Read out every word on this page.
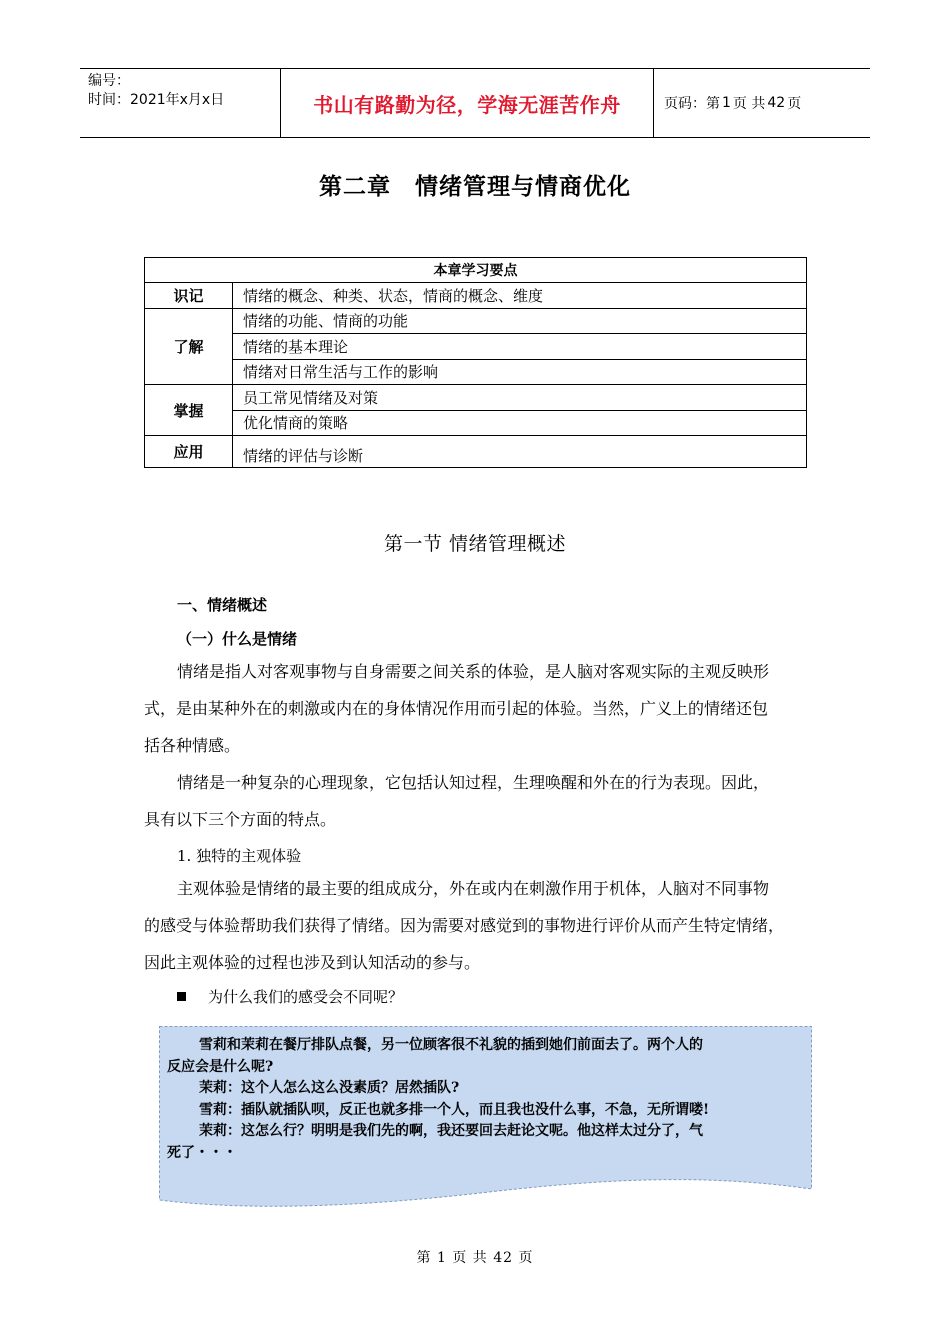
编号：
时间：2021年x月x日	书山有路勤为径，学海无涯苦作舟	页码：第 1 页 共 42 页
第二章　情绪管理与情商优化
本章学习要点	
识记	情绪的概念、种类、状态，情商的概念、维度
了解	情绪的功能、情商的功能
	情绪的基本理论
	情绪对日常生活与工作的影响
掌握	员工常见情绪及对策
	优化情商的策略
应用	情绪的评估与诊断
第一节 情绪管理概述
一、情绪概述
（一）什么是情绪
情绪是指人对客观事物与自身需要之间关系的体验，是人脑对客观实际的主观反映形
式，是由某种外在的刺激或内在的身体情况作用而引起的体验。当然，广义上的情绪还包
括各种情感。
情绪是一种复杂的心理现象，它包括认知过程，生理唤醒和外在的行为表现。因此，
具有以下三个方面的特点。
1. 独特的主观体验
主观体验是情绪的最主要的组成成分，外在或内在刺激作用于机体，人脑对不同事物
的感受与体验帮助我们获得了情绪。因为需要对感觉到的事物进行评价从而产生特定情绪，
因此主观体验的过程也涉及到认知活动的参与。
为什么我们的感受会不同呢？
雪莉和茉莉在餐厅排队点餐，另一位顾客很不礼貌的插到她们前面去了。两个人的
反应会是什么呢?
茉莉：这个人怎么这么没素质？居然插队?
雪莉：插队就插队呗，反正也就多排一个人，而且我也没什么事，不急，无所谓喽!
茉莉：这怎么行？明明是我们先的啊，我还要回去赶论文呢。他这样太过分了，气
死了・・・
第 1 页 共 42 页
